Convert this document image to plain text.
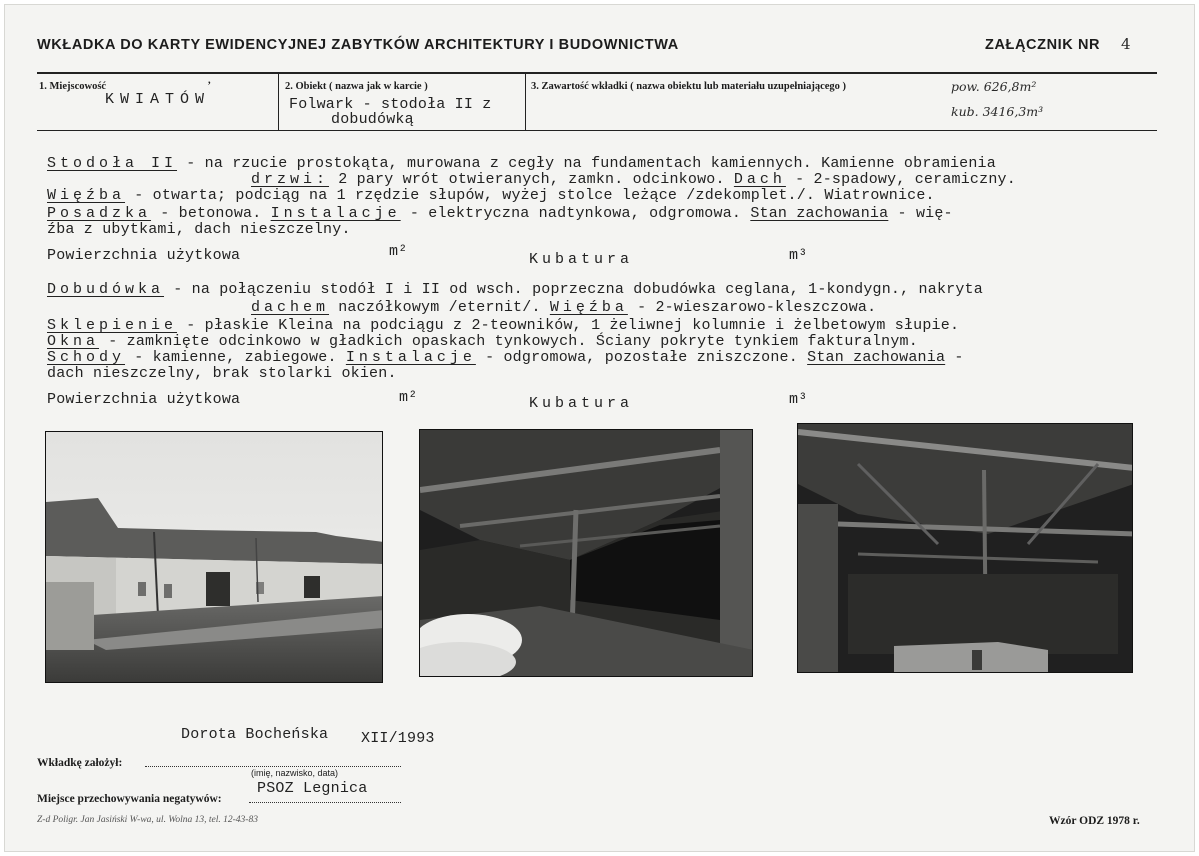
WKŁADKA DO KARTY EWIDENCYJNEJ ZABYTKÓW ARCHITEKTURY I BUDOWNICTWA	ZAŁĄCZNIK NR 4
1. Miejscowość
,
KWIATÓW
2. Obiekt ( nazwa jak w karcie )
Folwark - stodoła II z
dobudówką
3. Zawartość wkładki ( nazwa obiektu lub materiału uzupełniającego )	pow. 626,8m²
kub. 3416,3m³
Stodoła II - na rzucie prostokąta, murowana z cegły na fundamentach kamiennych. Kamienne obramienia
drzwi: 2 pary wrót otwieranych, zamkn. odcinkowo. Dach - 2-spadowy, ceramiczny.
Więźba - otwarta; podciąg na 1 rzędzie słupów, wyżej stolce leżące /zdekomplet./. Wiatrownice.
Posadzka - betonowa. Instalacje - elektryczna nadtynkowa, odgromowa. Stan zachowania - wię-
źba z ubytkami, dach nieszczelny.
Powierzchnia użytkowa	m²	Kubatura	m³
Dobudówka - na połączeniu stodół I i II od wsch. poprzeczna dobudówka ceglana, 1-kondygn., nakryta
dachem naczółkowym /eternit/. Więźba - 2-wieszarowo-kleszczowa.
Sklepienie - płaskie Kleina na podciągu z 2-teowników, 1 żeliwnej kolumnie i żelbetowym słupie.
Okna - zamknięte odcinkowo w gładkich opaskach tynkowych. Ściany pokryte tynkiem fakturalnym.
Schody - kamienne, zabiegowe. Instalacje - odgromowa, pozostałe zniszczone. Stan zachowania -
dach nieszczelny, brak stolarki okien.
Powierzchnia użytkowa	m²	Kubatura	m³
Dorota Bocheńska XII/1993
Wkładkę założył:
(imię, nazwisko, data)
Miejsce przechowywania negatywów:
PSOZ Legnica
Z-d Poligr. Jan Jasiński W-wa, ul. Wolna 13, tel. 12-43-83	Wzór ODZ 1978 r.
